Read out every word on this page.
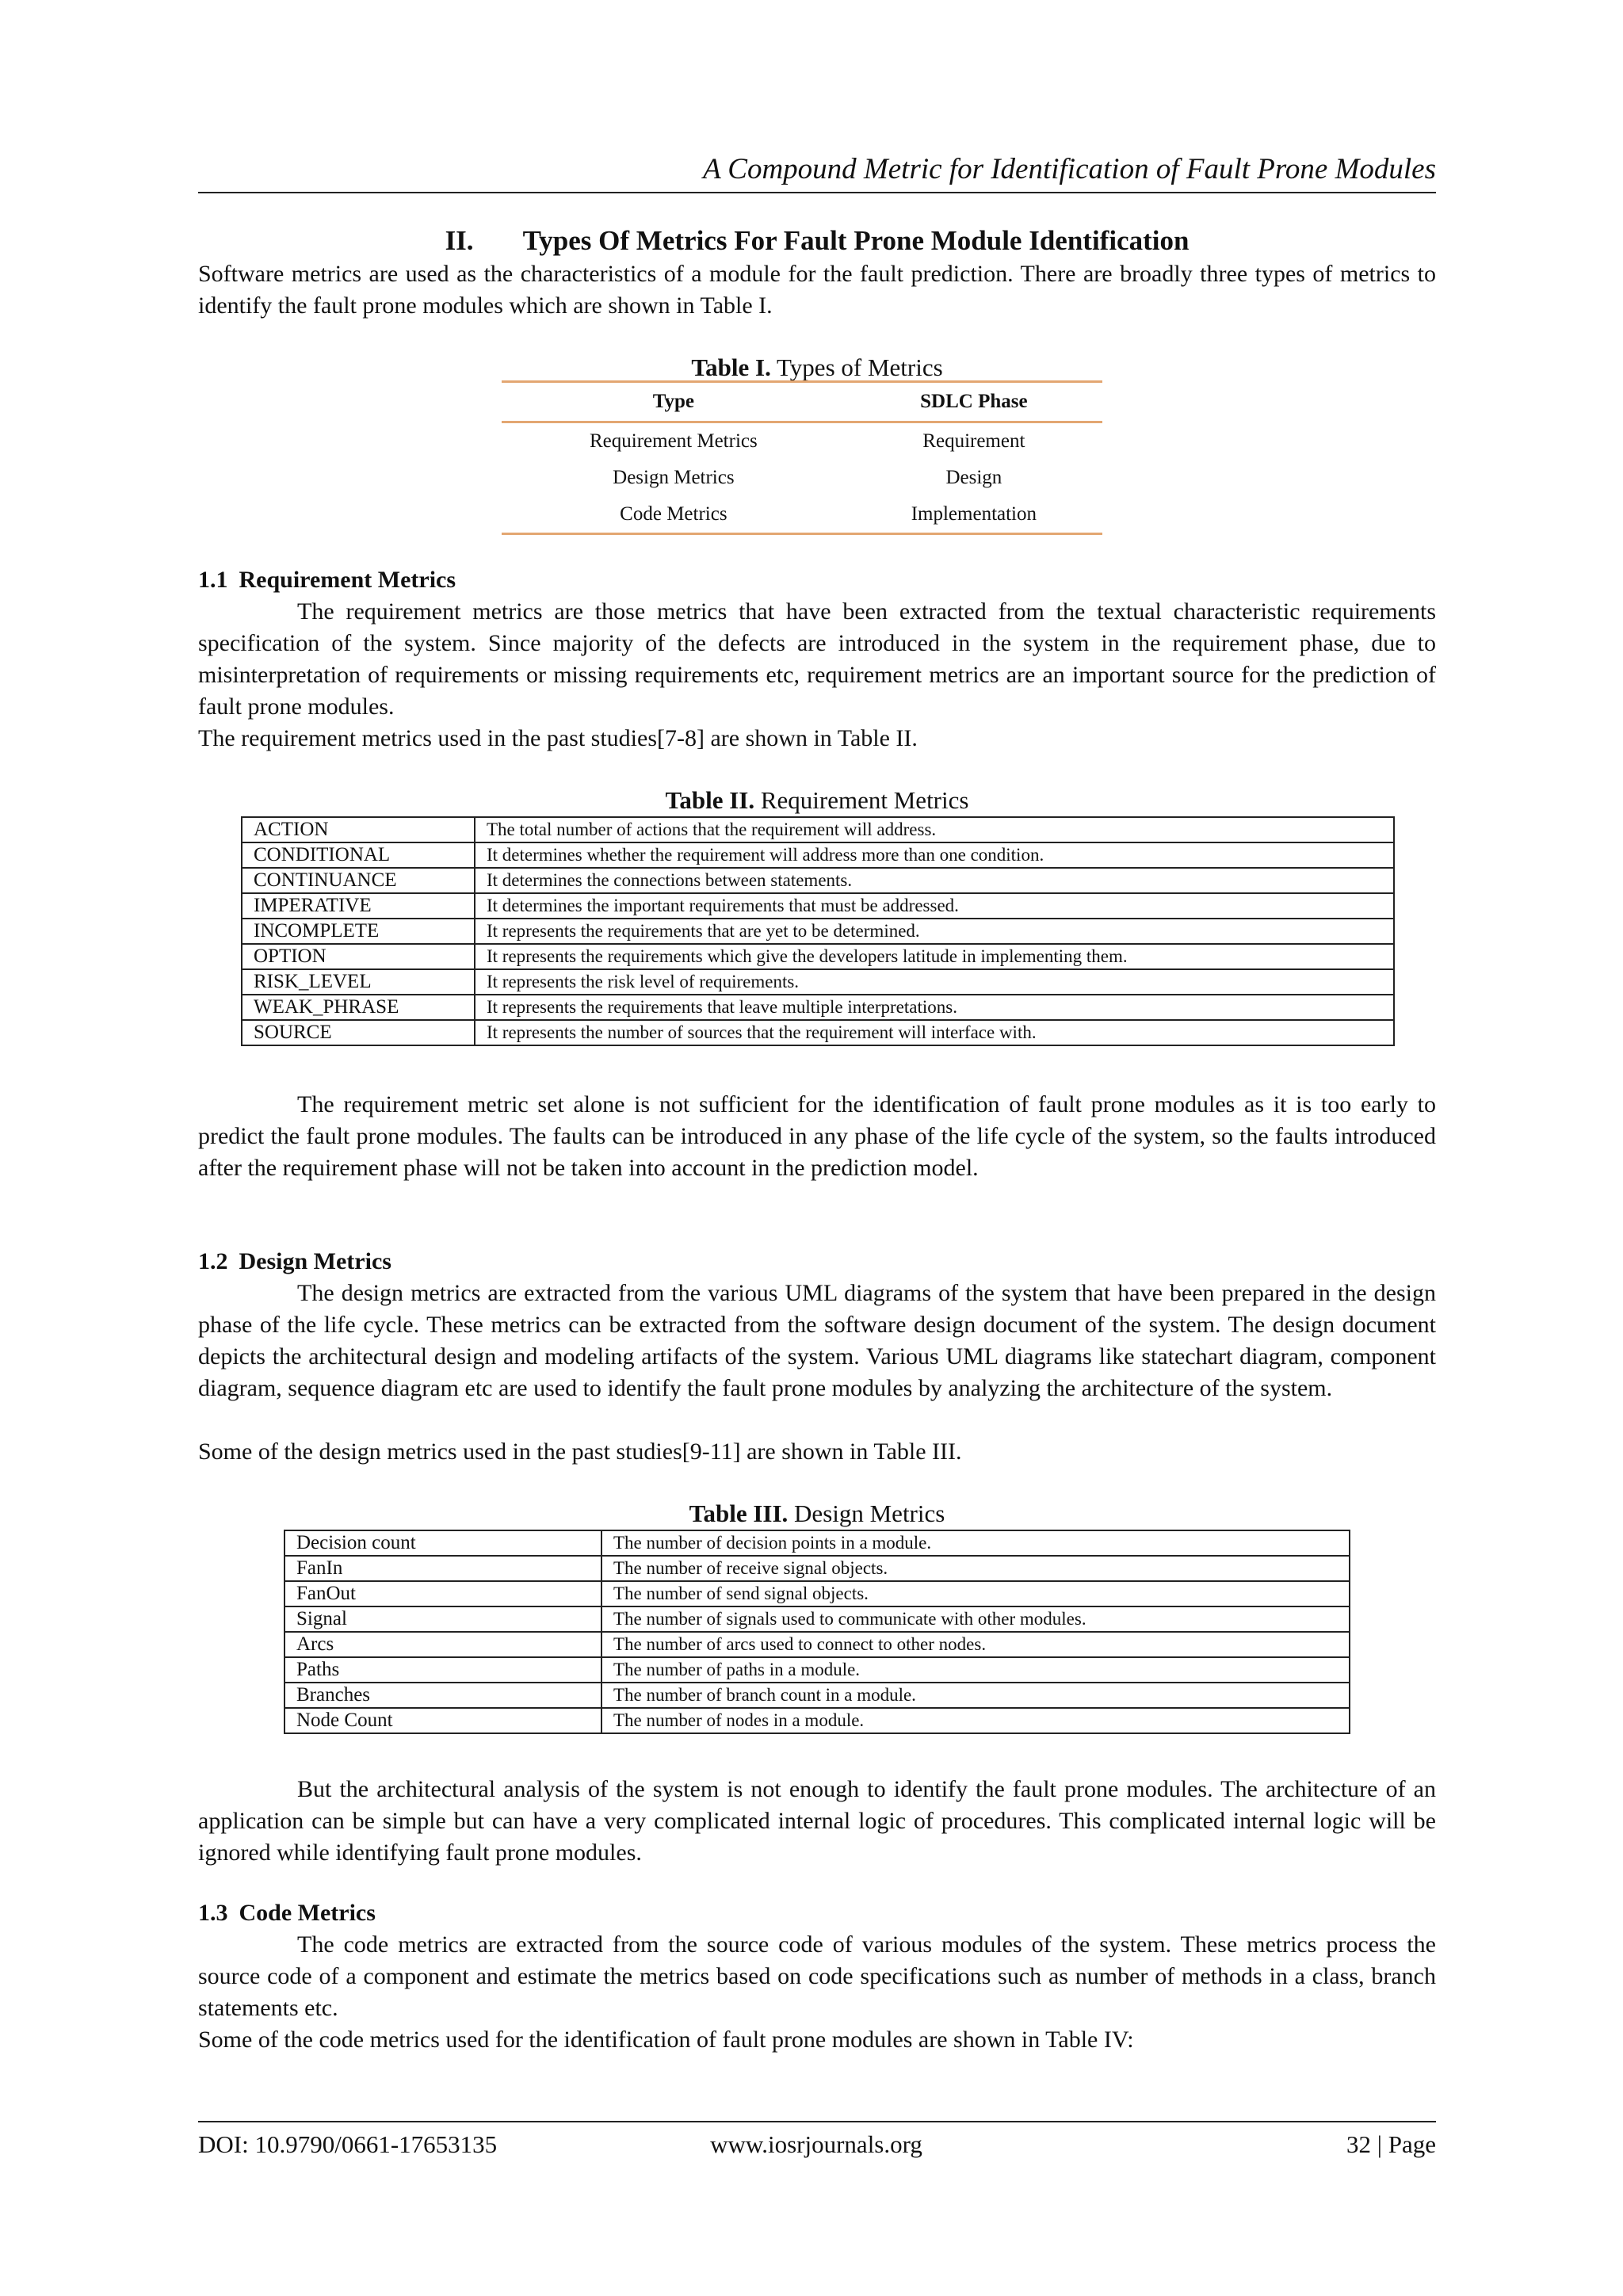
A Compound Metric for Identification of Fault Prone Modules
II. Types Of Metrics For Fault Prone Module Identification
Software metrics are used as the characteristics of a module for the fault prediction. There are broadly three types of metrics to identify the fault prone modules which are shown in Table I.
Table I. Types of Metrics
Type	SDLC Phase
Requirement Metrics	Requirement
Design Metrics	Design
Code Metrics	Implementation
1.1 Requirement Metrics
The requirement metrics are those metrics that have been extracted from the textual characteristic requirements specification of the system. Since majority of the defects are introduced in the system in the requirement phase, due to misinterpretation of requirements or missing requirements etc, requirement metrics are an important source for the prediction of fault prone modules.
The requirement metrics used in the past studies[7-8] are shown in Table II.
Table II. Requirement Metrics
ACTION	The total number of actions that the requirement will address.
CONDITIONAL	It determines whether the requirement will address more than one condition.
CONTINUANCE	It determines the connections between statements.
IMPERATIVE	It determines the important requirements that must be addressed.
INCOMPLETE	It represents the requirements that are yet to be determined.
OPTION	It represents the requirements which give the developers latitude in implementing them.
RISK_LEVEL	It represents the risk level of requirements.
WEAK_PHRASE	It represents the requirements that leave multiple interpretations.
SOURCE	It represents the number of sources that the requirement will interface with.
The requirement metric set alone is not sufficient for the identification of fault prone modules as it is too early to predict the fault prone modules. The faults can be introduced in any phase of the life cycle of the system, so the faults introduced after the requirement phase will not be taken into account in the prediction model.
1.2 Design Metrics
The design metrics are extracted from the various UML diagrams of the system that have been prepared in the design phase of the life cycle. These metrics can be extracted from the software design document of the system. The design document depicts the architectural design and modeling artifacts of the system. Various UML diagrams like statechart diagram, component diagram, sequence diagram etc are used to identify the fault prone modules by analyzing the architecture of the system.
Some of the design metrics used in the past studies[9-11] are shown in Table III.
Table III. Design Metrics
Decision count	The number of decision points in a module.
FanIn	The number of receive signal objects.
FanOut	The number of send signal objects.
Signal	The number of signals used to communicate with other modules.
Arcs	The number of arcs used to connect to other nodes.
Paths	The number of paths in a module.
Branches	The number of branch count in a module.
Node Count	The number of nodes in a module.
But the architectural analysis of the system is not enough to identify the fault prone modules. The architecture of an application can be simple but can have a very complicated internal logic of procedures. This complicated internal logic will be ignored while identifying fault prone modules.
1.3 Code Metrics
The code metrics are extracted from the source code of various modules of the system. These metrics process the source code of a component and estimate the metrics based on code specifications such as number of methods in a class, branch statements etc.
Some of the code metrics used for the identification of fault prone modules are shown in Table IV:
DOI: 10.9790/0661-17653135	www.iosrjournals.org	32 | Page
